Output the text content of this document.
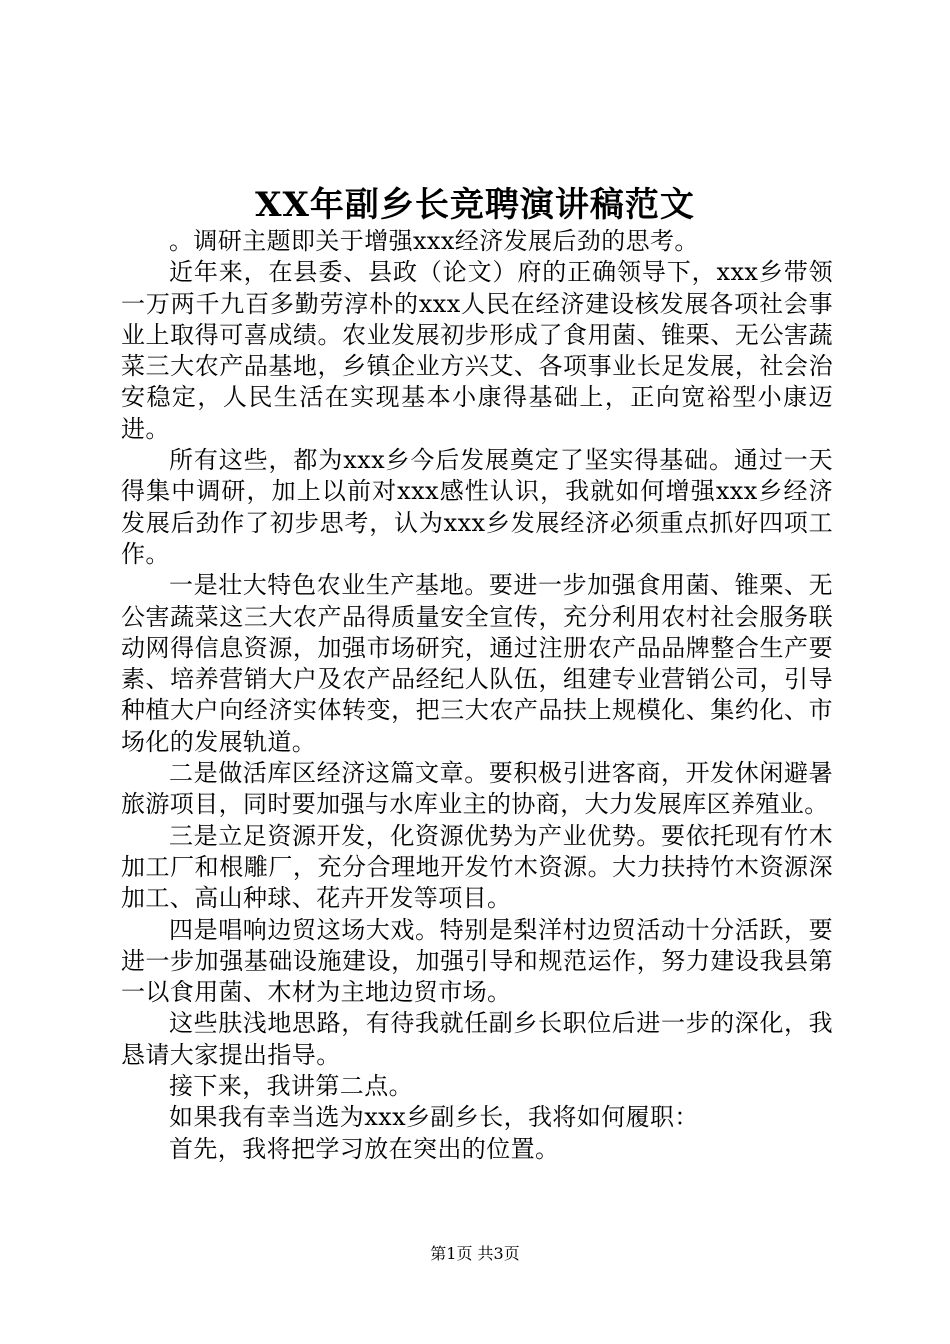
XX年副乡长竞聘演讲稿范文

。调研主题即关于增强xxx经济发展后劲的思考。

近年来，在县委、县政（论文）府的正确领导下，xxx乡带领一万两千九百多勤劳淳朴的xxx人民在经济建设核发展各项社会事业上取得可喜成绩。农业发展初步形成了食用菌、锥栗、无公害蔬菜三大农产品基地，乡镇企业方兴艾、各项事业长足发展，社会治安稳定，人民生活在实现基本小康得基础上，正向宽裕型小康迈进。

所有这些，都为xxx乡今后发展奠定了坚实得基础。通过一天得集中调研，加上以前对xxx感性认识，我就如何增强xxx乡经济发展后劲作了初步思考，认为xxx乡发展经济必须重点抓好四项工作。

一是壮大特色农业生产基地。要进一步加强食用菌、锥栗、无公害蔬菜这三大农产品得质量安全宣传，充分利用农村社会服务联动网得信息资源，加强市场研究，通过注册农产品品牌整合生产要素、培养营销大户及农产品经纪人队伍，组建专业营销公司，引导种植大户向经济实体转变，把三大农产品扶上规模化、集约化、市场化的发展轨道。

二是做活库区经济这篇文章。要积极引进客商，开发休闲避暑旅游项目，同时要加强与水库业主的协商，大力发展库区养殖业。

三是立足资源开发，化资源优势为产业优势。要依托现有竹木加工厂和根雕厂，充分合理地开发竹木资源。大力扶持竹木资源深加工、高山种球、花卉开发等项目。

四是唱响边贸这场大戏。特别是梨洋村边贸活动十分活跃，要进一步加强基础设施建设，加强引导和规范运作，努力建设我县第一以食用菌、木材为主地边贸市场。

这些肤浅地思路，有待我就任副乡长职位后进一步的深化，我恳请大家提出指导。

接下来，我讲第二点。

如果我有幸当选为xxx乡副乡长，我将如何履职：

首先，我将把学习放在突出的位置。

第1页 共3页
